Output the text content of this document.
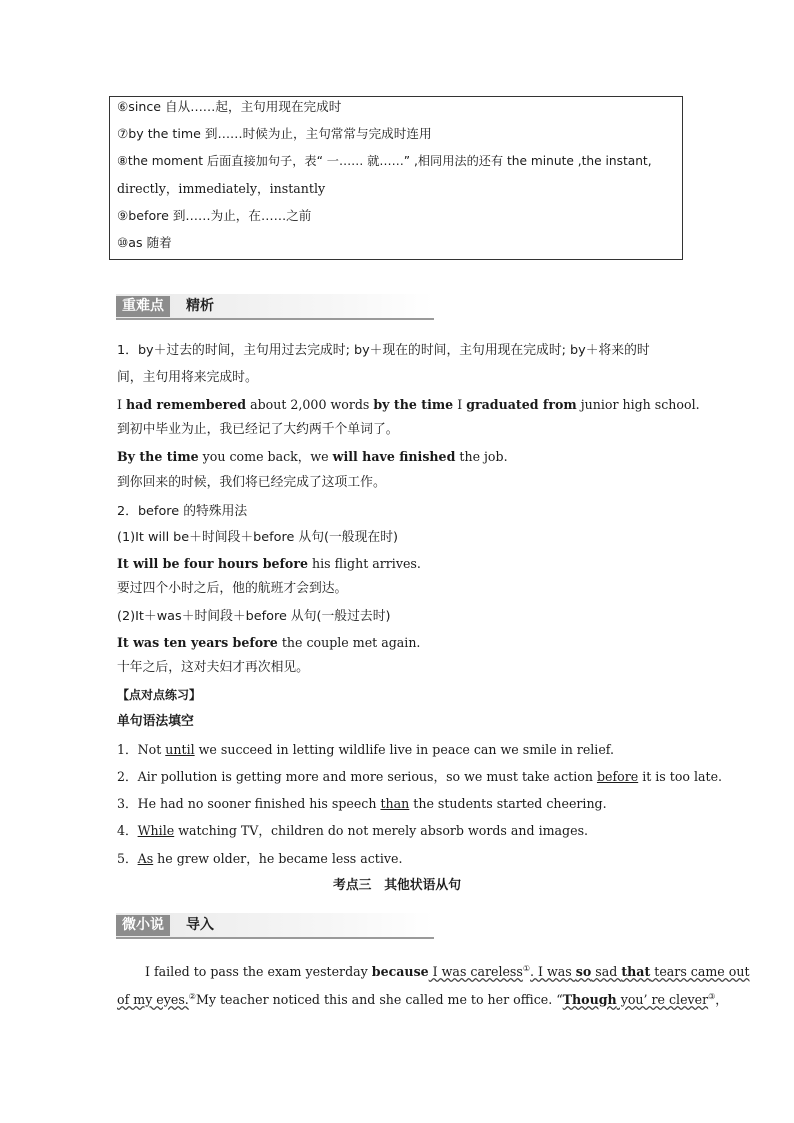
⑥since 自从……起，主句用现在完成时
⑦by the time 到……时候为止，主句常常与完成时连用
⑧the moment 后面直接加句子，表“ 一…… 就……” ,相同用法的还有 the minute ,the instant,
directly，immediately，instantly
⑨before 到……为止，在……之前
⑩as 随着
重难点	精析
1．by＋过去的时间，主句用过去完成时; by＋现在的时间，主句用现在完成时; by＋将来的时
间，主句用将来完成时。
I had remembered about 2,000 words by the time I graduated from junior high school.
到初中毕业为止，我已经记了大约两千个单词了。
By the time you come back，we will have finished the job.
到你回来的时候，我们将已经完成了这项工作。
2．before 的特殊用法
(1)It will be＋时间段＋before 从句(一般现在时)
It will be four hours before his flight arrives.
要过四个小时之后，他的航班才会到达。
(2)It＋was＋时间段＋before 从句(一般过去时)
It was ten years before the couple met again.
十年之后，这对夫妇才再次相见。
【点对点练习】
单句语法填空
1．Not until we succeed in letting wildlife live in peace can we smile in relief.
2．Air pollution is getting more and more serious，so we must take action before it is too late.
3．He had no sooner finished his speech than the students started cheering.
4．While watching TV，children do not merely absorb words and images.
5．As he grew older，he became less active.
考点三　其他状语从句
微小说	导入
I failed to pass the exam yesterday because I was careless①. I was so sad that tears came out
of my eyes.②My teacher noticed this and she called me to her office. “Though you’ re clever③，
